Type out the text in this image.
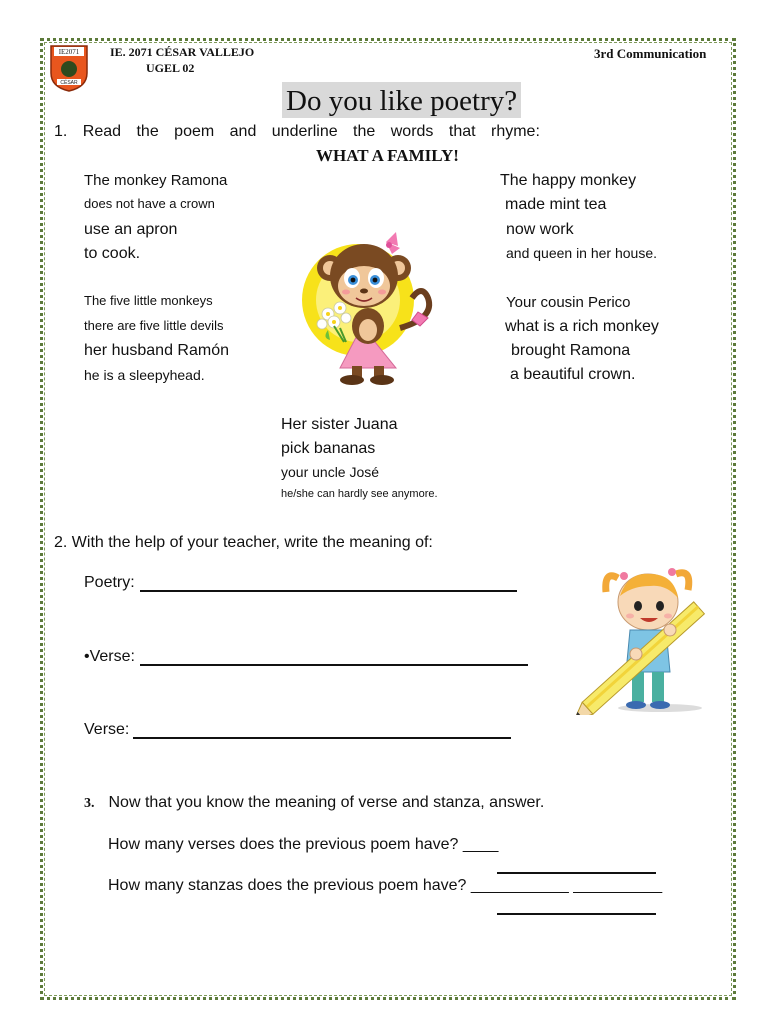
IE2071
CÉSAR
IE. 2071 CÉSAR VALLEJO
UGEL 02
3rd Communication
Do you like poetry?
1. Read the poem and underline the words that rhyme:
WHAT A FAMILY!
The monkey Ramona
does not have a crown
use an apron
to cook.
The five little monkeys
there are five little devils
her husband Ramón
he is a sleepyhead.
The happy monkey
made mint tea
now work
and queen in her house.
Your cousin Perico
what is a rich monkey
brought Ramona
a beautiful crown.
Her sister Juana
pick bananas
your uncle José
he/she can hardly see anymore.
2. With the help of your teacher, write the meaning of:
Poetry:
•Verse:
Verse:
3. Now that you know the meaning of verse and stanza, answer.
How many verses does the previous poem have? ____
How many stanzas does the previous poem have? ___________ __________
